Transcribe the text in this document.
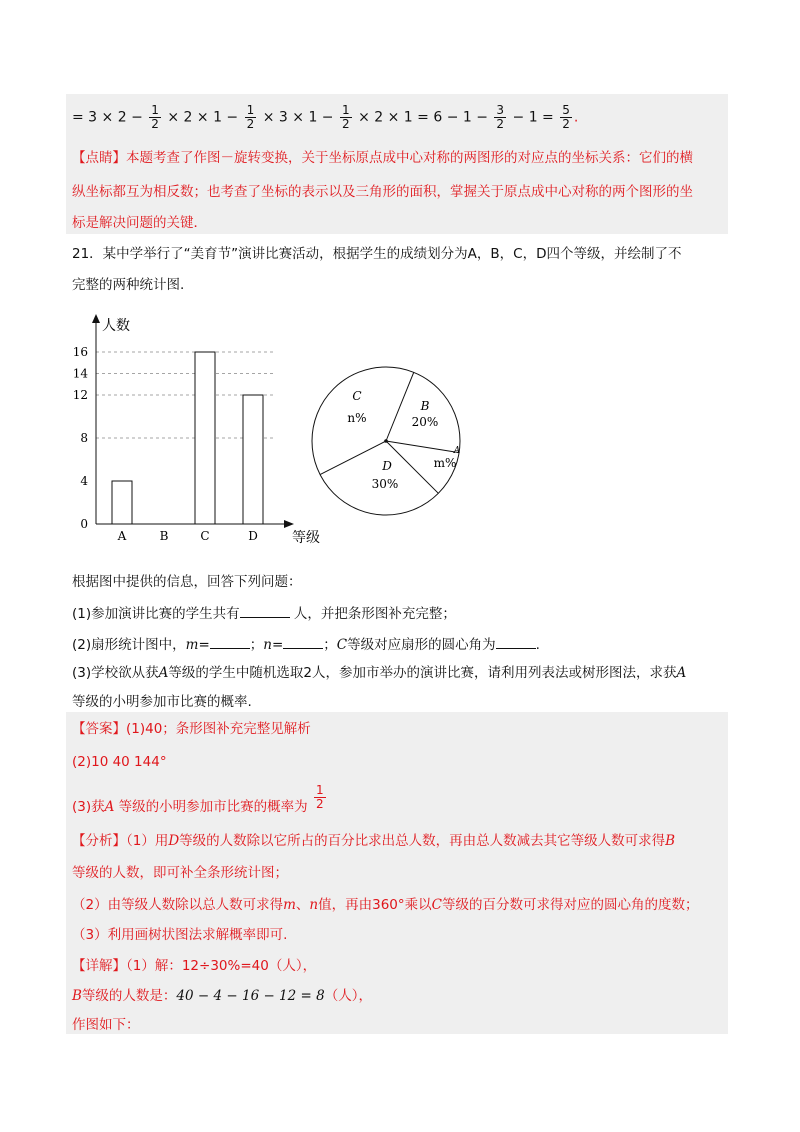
= $3 \times 2 - \frac{1}{2} \times 2 \times 1 - \frac{1}{2} \times 3 \times 1 - \frac{1}{2} \times 2 \times 1 = 6 - 1 - \frac{3}{2} - 1 = \frac{5}{2}$ .
【点睛】本题考查了作图－旋转变换，关于坐标原点成中心对称的两图形的对应点的坐标关系：它们的横
纵坐标都互为相反数；也考查了坐标的表示以及三角形的面积，掌握关于原点成中心对称的两个图形的坐
标是解决问题的关键．
21．某中学举行了“美育节”演讲比赛活动，根据学生的成绩划分为A，B，C，D四个等级，并绘制了不
完整的两种统计图.
0
4
8
12
14
16
A	B	C	D
人数
等级
C
n%
B
20%
A
m%
D
30%
根据图中提供的信息，回答下列问题：
(1)参加演讲比赛的学生共有	人，并把条形图补充完整；
(2)扇形统计图中，m=	；n=	；C等级对应扇形的圆心角为	.
(3)学校欲从获A等级的学生中随机选取2人，参加市举办的演讲比赛，请利用列表法或树形图法，求获A
等级的小明参加市比赛的概率.
【答案】(1)40；条形图补充完整见解析
(2)10 40 144°
(3)获A 等级的小明参加市比赛的概率为 $\frac{1}{2}$
【分析】（1）用D等级的人数除以它所占的百分比求出总人数，再由总人数减去其它等级人数可求得B
等级的人数，即可补全条形统计图；
（2）由等级人数除以总人数可求得m、n值，再由360°乘以C等级的百分数可求得对应的圆心角的度数；
（3）利用画树状图法求解概率即可.
【详解】（1）解：12÷30%=40（人），
B等级的人数是：40 − 4 − 16 − 12 = 8（人），
作图如下：
